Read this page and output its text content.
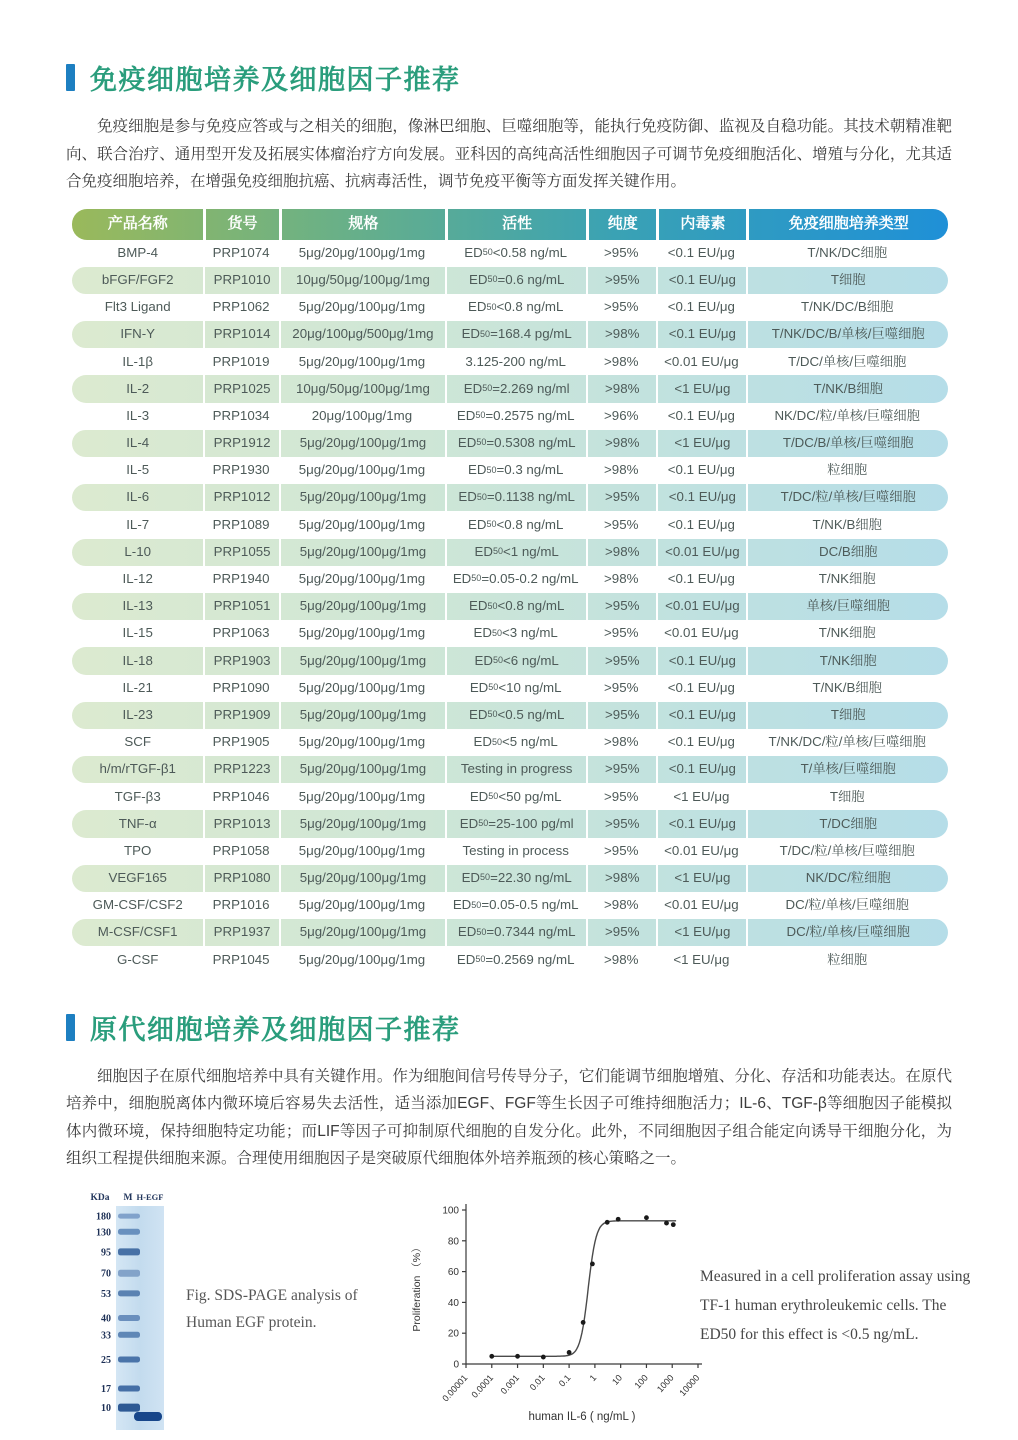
免疫细胞培养及细胞因子推荐

免疫细胞是参与免疫应答或与之相关的细胞，像淋巴细胞、巨噬细胞等，能执行免疫防御、监视及自稳功能。其技术朝精准靶向、联合治疗、通用型开发及拓展实体瘤治疗方向发展。亚科因的高纯高活性细胞因子可调节免疫细胞活化、增殖与分化，尤其适合免疫细胞培养，在增强免疫细胞抗癌、抗病毒活性，调节免疫平衡等方面发挥关键作用。

产品名称	货号	规格	活性	纯度	内毒素	免疫细胞培养类型
BMP-4	PRP1074	5μg/20μg/100μg/1mg	ED 50 <0.58 ng/mL	>95%	<0.1 EU/μg	T/NK/DC细胞
bFGF/FGF2	PRP1010	10μg/50μg/100μg/1mg	ED 50 =0.6 ng/mL	>95%	<0.1 EU/μg	T细胞
Flt3 Ligand	PRP1062	5μg/20μg/100μg/1mg	ED 50 <0.8 ng/mL	>95%	<0.1 EU/μg	T/NK/DC/B细胞
IFN-Y	PRP1014	20μg/100μg/500μg/1mg	ED 50 =168.4 pg/mL	>98%	<0.1 EU/μg	T/NK/DC/B/单核/巨噬细胞
IL-1β	PRP1019	5μg/20μg/100μg/1mg	3.125-200 ng/mL	>98%	<0.01 EU/μg	T/DC/单核/巨噬细胞
IL-2	PRP1025	10μg/50μg/100μg/1mg	ED 50 =2.269 ng/ml	>98%	<1 EU/μg	T/NK/B细胞
IL-3	PRP1034	20μg/100μg/1mg	ED 50 =0.2575 ng/mL	>96%	<0.1 EU/μg	NK/DC/粒/单核/巨噬细胞
IL-4	PRP1912	5μg/20μg/100μg/1mg	ED 50 =0.5308 ng/mL	>98%	<1 EU/μg	T/DC/B/单核/巨噬细胞
IL-5	PRP1930	5μg/20μg/100μg/1mg	ED 50 =0.3 ng/mL	>98%	<0.1 EU/μg	粒细胞
IL-6	PRP1012	5μg/20μg/100μg/1mg	ED 50 =0.1138 ng/mL	>95%	<0.1 EU/μg	T/DC/粒/单核/巨噬细胞
IL-7	PRP1089	5μg/20μg/100μg/1mg	ED 50 <0.8 ng/mL	>95%	<0.1 EU/μg	T/NK/B细胞
L-10	PRP1055	5μg/20μg/100μg/1mg	ED 50 <1 ng/mL	>98%	<0.01 EU/μg	DC/B细胞
IL-12	PRP1940	5μg/20μg/100μg/1mg	ED 50 =0.05-0.2 ng/mL	>98%	<0.1 EU/μg	T/NK细胞
IL-13	PRP1051	5μg/20μg/100μg/1mg	ED 50 <0.8 ng/mL	>95%	<0.01 EU/μg	单核/巨噬细胞
IL-15	PRP1063	5μg/20μg/100μg/1mg	ED 50 <3 ng/mL	>95%	<0.01 EU/μg	T/NK细胞
IL-18	PRP1903	5μg/20μg/100μg/1mg	ED 50 <6 ng/mL	>95%	<0.1 EU/μg	T/NK细胞
IL-21	PRP1090	5μg/20μg/100μg/1mg	ED 50 <10 ng/mL	>95%	<0.1 EU/μg	T/NK/B细胞
IL-23	PRP1909	5μg/20μg/100μg/1mg	ED 50 <0.5 ng/mL	>95%	<0.1 EU/μg	T细胞
SCF	PRP1905	5μg/20μg/100μg/1mg	ED 50 <5 ng/mL	>98%	<0.1 EU/μg	T/NK/DC/粒/单核/巨噬细胞
h/m/rTGF-β1	PRP1223	5μg/20μg/100μg/1mg	Testing in progress	>95%	<0.1 EU/μg	T/单核/巨噬细胞
TGF-β3	PRP1046	5μg/20μg/100μg/1mg	ED 50 <50 pg/mL	>95%	<1 EU/μg	T细胞
TNF-α	PRP1013	5μg/20μg/100μg/1mg	ED 50 =25-100 pg/ml	>95%	<0.1 EU/μg	T/DC细胞
TPO	PRP1058	5μg/20μg/100μg/1mg	Testing in process	>95%	<0.01 EU/μg	T/DC/粒/单核/巨噬细胞
VEGF165	PRP1080	5μg/20μg/100μg/1mg	ED 50 =22.30 ng/mL	>98%	<1 EU/μg	NK/DC/粒细胞
GM-CSF/CSF2	PRP1016	5μg/20μg/100μg/1mg	ED 50 =0.05-0.5 ng/mL	>98%	<0.01 EU/μg	DC/粒/单核/巨噬细胞
M-CSF/CSF1	PRP1937	5μg/20μg/100μg/1mg	ED 50 =0.7344 ng/mL	>95%	<1 EU/μg	DC/粒/单核/巨噬细胞
G-CSF	PRP1045	5μg/20μg/100μg/1mg	ED 50 =0.2569 ng/mL	>98%	<1 EU/μg	粒细胞
原代细胞培养及细胞因子推荐

细胞因子在原代细胞培养中具有关键作用。作为细胞间信号传导分子，它们能调节细胞增殖、分化、存活和功能表达。在原代培养中，细胞脱离体内微环境后容易失去活性，适当添加EGF、FGF等生长因子可维持细胞活力；IL-6、TGF-β等细胞因子能模拟体内微环境，保持细胞特定功能；而LIF等因子可抑制原代细胞的自发分化。此外，不同细胞因子组合能定向诱导干细胞分化，为组织工程提供细胞来源。合理使用细胞因子是突破原代细胞体外培养瓶颈的核心策略之一。

KDa M H-EGF
180
130
95
70
53
40
33
25
17
10
Fig. SDS-PAGE analysis of Human EGF protein.
0
20
40
60
80
100
0.00001 0.0001 0.001 0.01 0.1 1 10 100 1000 10000
Proliferation （%）
human IL-6 ( ng/mL )
Measured in a cell proliferation assay using TF-1 human erythroleukemic cells. The ED50 for this effect is <0.5 ng/mL.
